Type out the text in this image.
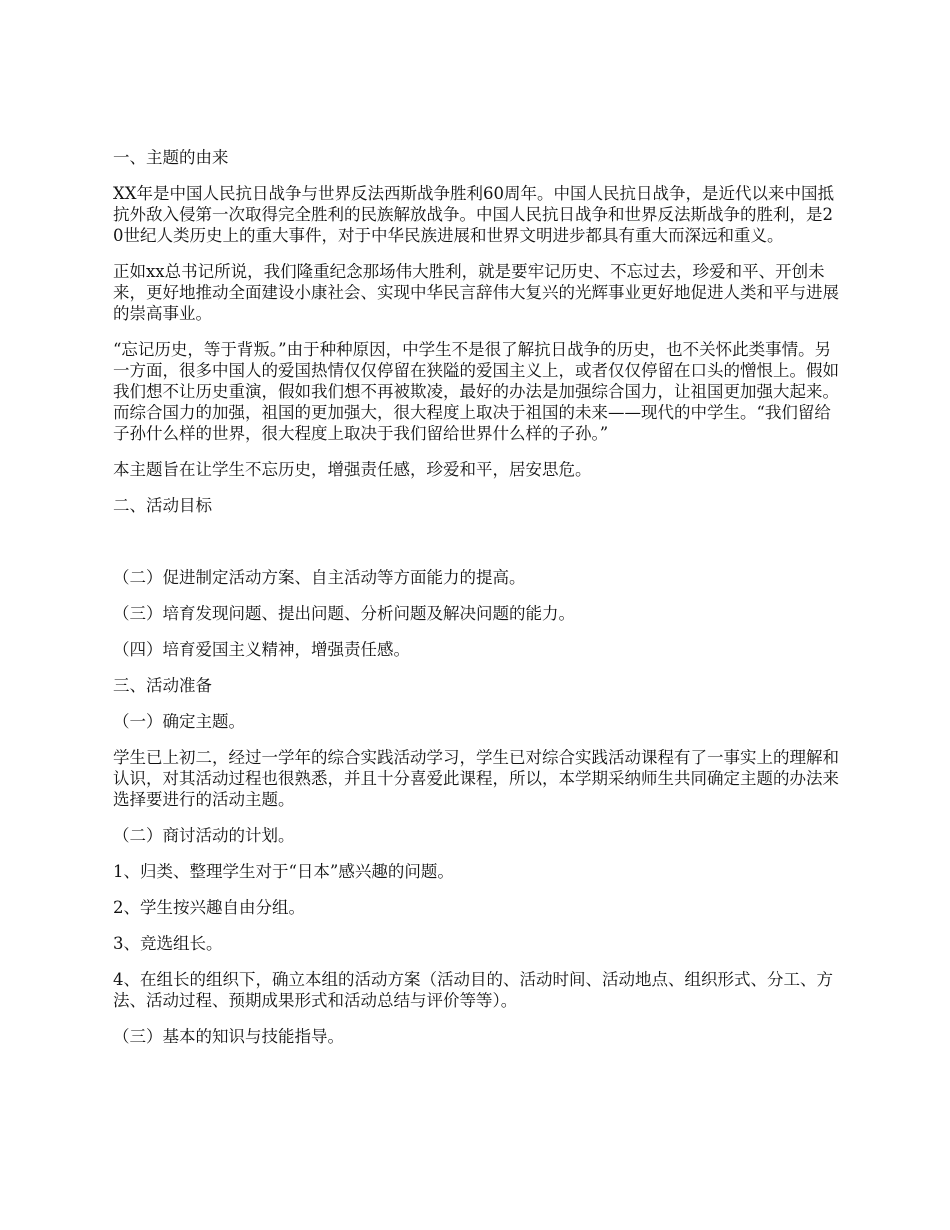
一、主题的由来

XX年是中国人民抗日战争与世界反法西斯战争胜利60周年。中国人民抗日战争，是近代以来中国抵抗外敌入侵第一次取得完全胜利的民族解放战争。中国人民抗日战争和世界反法斯战争的胜利，是20世纪人类历史上的重大事件，对于中华民族进展和世界文明进步都具有重大而深远和重义。

正如xx总书记所说，我们隆重纪念那场伟大胜利，就是要牢记历史、不忘过去，珍爱和平、开创未来，更好地推动全面建设小康社会、实现中华民言辞伟大复兴的光辉事业更好地促进人类和平与进展的崇高事业。

“忘记历史，等于背叛。”由于种种原因，中学生不是很了解抗日战争的历史，也不关怀此类事情。另一方面，很多中国人的爱国热情仅仅停留在狭隘的爱国主义上，或者仅仅停留在口头的憎恨上。假如我们想不让历史重演，假如我们想不再被欺凌，最好的办法是加强综合国力，让祖国更加强大起来。而综合国力的加强，祖国的更加强大，很大程度上取决于祖国的未来——现代的中学生。“我们留给子孙什么样的世界，很大程度上取决于我们留给世界什么样的子孙。”

本主题旨在让学生不忘历史，增强责任感，珍爱和平，居安思危。

二、活动目标

（二）促进制定活动方案、自主活动等方面能力的提高。

（三）培育发现问题、提出问题、分析问题及解决问题的能力。

（四）培育爱国主义精神，增强责任感。

三、活动准备

（一）确定主题。

学生已上初二，经过一学年的综合实践活动学习，学生已对综合实践活动课程有了一事实上的理解和认识，对其活动过程也很熟悉，并且十分喜爱此课程，所以，本学期采纳师生共同确定主题的办法来选择要进行的活动主题。

（二）商讨活动的计划。

1、归类、整理学生对于“日本”感兴趣的问题。

2、学生按兴趣自由分组。

3、竞选组长。

4、在组长的组织下，确立本组的活动方案（活动目的、活动时间、活动地点、组织形式、分工、方法、活动过程、预期成果形式和活动总结与评价等等）。

（三）基本的知识与技能指导。
